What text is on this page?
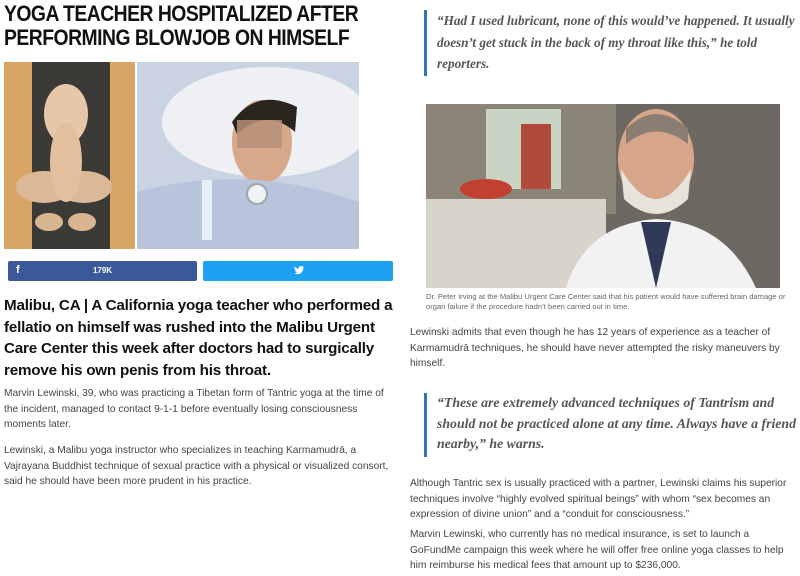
YOGA TEACHER HOSPITALIZED AFTER
PERFORMING BLOWJOB ON HIMSELF
f	179K

Malibu, CA | A California yoga teacher who performed a fellatio on himself was rushed into the Malibu Urgent Care Center this week after doctors had to surgically remove his own penis from his throat.

Marvin Lewinski, 39, who was practicing a Tibetan form of Tantric yoga at the time of the incident, managed to contact 9-1-1 before eventually losing consciousness moments later.

Lewinski, a Malibu yoga instructor who specializes in teaching Karmamudrā, a Vajrayana Buddhist technique of sexual practice with a physical or visualized consort, said he should have been more prudent in his practice.

“Had I used lubricant, none of this would’ve happened. It usually doesn’t get stuck in the back of my throat like this,” he told reporters.

Dr. Peter Irving at the Malibu Urgent Care Center said that his patient would have suffered brain damage or organ failure if the procedure hadn’t been carried out in time.

Lewinski admits that even though he has 12 years of experience as a teacher of Karmamudrā techniques, he should have never attempted the risky maneuvers by himself.

“These are extremely advanced techniques of Tantrism and should not be practiced alone at any time. Always have a friend nearby,” he warns.

Although Tantric sex is usually practiced with a partner, Lewinski claims his superior techniques involve “highly evolved spiritual beings” with whom “sex becomes an expression of divine union” and a “conduit for consciousness.”

Marvin Lewinski, who currently has no medical insurance, is set to launch a GoFundMe campaign this week where he will offer free online yoga classes to help him reimburse his medical fees that amount up to $236,000.
